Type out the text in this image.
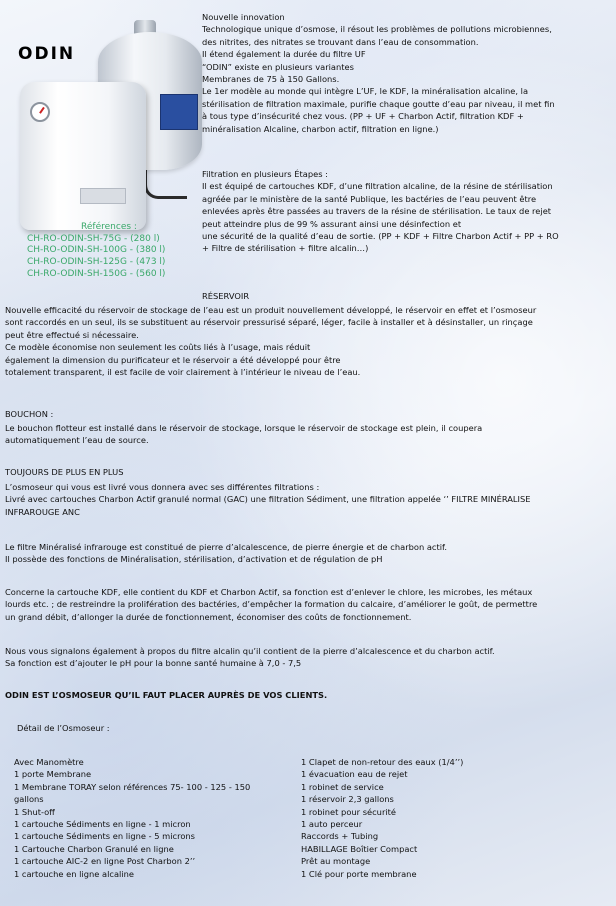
ODIN
Références :
CH-RO-ODIN-SH-75G - (280 l)
CH-RO-ODIN-SH-100G - (380 l)
CH-RO-ODIN-SH-125G - (473 l)
CH-RO-ODIN-SH-150G - (560 l)

Nouvelle innovation
Technologique unique d’osmose, il résout les problèmes de pollutions microbiennes,
des nitrites, des nitrates se trouvant dans l’eau de consommation.
Il étend également la durée du filtre UF
“ODIN” existe en plusieurs variantes
Membranes de 75 à 150 Gallons.
Le 1er modèle au monde qui intègre L’UF, le KDF, la minéralisation alcaline, la
stérilisation de filtration maximale, purifie chaque goutte d’eau par niveau, il met fin
à tous type d’insécurité chez vous. (PP + UF + Charbon Actif, filtration KDF +
minéralisation Alcaline, charbon actif, filtration en ligne.)

Filtration en plusieurs Étapes :
Il est équipé de cartouches KDF, d’une filtration alcaline, de la résine de stérilisation
agréée par le ministère de la santé Publique, les bactéries de l’eau peuvent être
enlevées après être passées au travers de la résine de stérilisation. Le taux de rejet
peut atteindre plus de 99 % assurant ainsi une désinfection et
une sécurité de la qualité d’eau de sortie. (PP + KDF + Filtre Charbon Actif + PP + RO
+ Filtre de stérilisation + filtre alcalin…)

RÉSERVOIR

Nouvelle efficacité du réservoir de stockage de l’eau est un produit nouvellement développé, le réservoir en effet et l’osmoseur
sont raccordés en un seul, ils se substituent au réservoir pressurisé séparé, léger, facile à installer et à désinstaller, un rinçage
peut être effectué si nécessaire.
Ce modèle économise non seulement les coûts liés à l’usage, mais réduit
également la dimension du purificateur et le réservoir a été développé pour être
totalement transparent, il est facile de voir clairement à l’intérieur le niveau de l’eau.

BOUCHON :

Le bouchon flotteur est installé dans le réservoir de stockage, lorsque le réservoir de stockage est plein, il coupera
automatiquement l’eau de source.

TOUJOURS DE PLUS EN PLUS

L’osmoseur qui vous est livré vous donnera avec ses différentes filtrations :
Livré avec cartouches Charbon Actif granulé normal (GAC) une filtration Sédiment, une filtration appelée ‘’ FILTRE MINÉRALISE
INFRAROUGE ANC

Le filtre Minéralisé infrarouge est constitué de pierre d’alcalescence, de pierre énergie et de charbon actif.
Il possède des fonctions de Minéralisation, stérilisation, d’activation et de régulation de pH

Concerne la cartouche KDF, elle contient du KDF et Charbon Actif, sa fonction est d’enlever le chlore, les microbes, les métaux
lourds etc. ; de restreindre la prolifération des bactéries, d’empêcher la formation du calcaire, d’améliorer le goût, de permettre
un grand débit, d’allonger la durée de fonctionnement, économiser des coûts de fonctionnement.

Nous vous signalons également à propos du filtre alcalin qu’il contient de la pierre d’alcalescence et du charbon actif.
Sa fonction est d’ajouter le pH pour la bonne santé humaine à 7,0 - 7,5

ODIN EST L’OSMOSEUR QU’IL FAUT PLACER AUPRÈS DE VOS CLIENTS.
Détail de l’Osmoseur :

Avec Manomètre
1 porte Membrane
1 Membrane TORAY selon références 75- 100 - 125 - 150
gallons
1 Shut-off
1 cartouche Sédiments en ligne - 1 micron
1 cartouche Sédiments en ligne - 5 microns
1 Cartouche Charbon Granulé en ligne
1 cartouche AIC-2 en ligne Post Charbon 2’’
1 cartouche en ligne alcaline

1 Clapet de non-retour des eaux (1/4’’)
1 évacuation eau de rejet
1 robinet de service
1 réservoir 2,3 gallons
1 robinet pour sécurité
1 auto perceur
Raccords + Tubing
HABILLAGE Boîtier Compact
Prêt au montage
1 Clé pour porte membrane
